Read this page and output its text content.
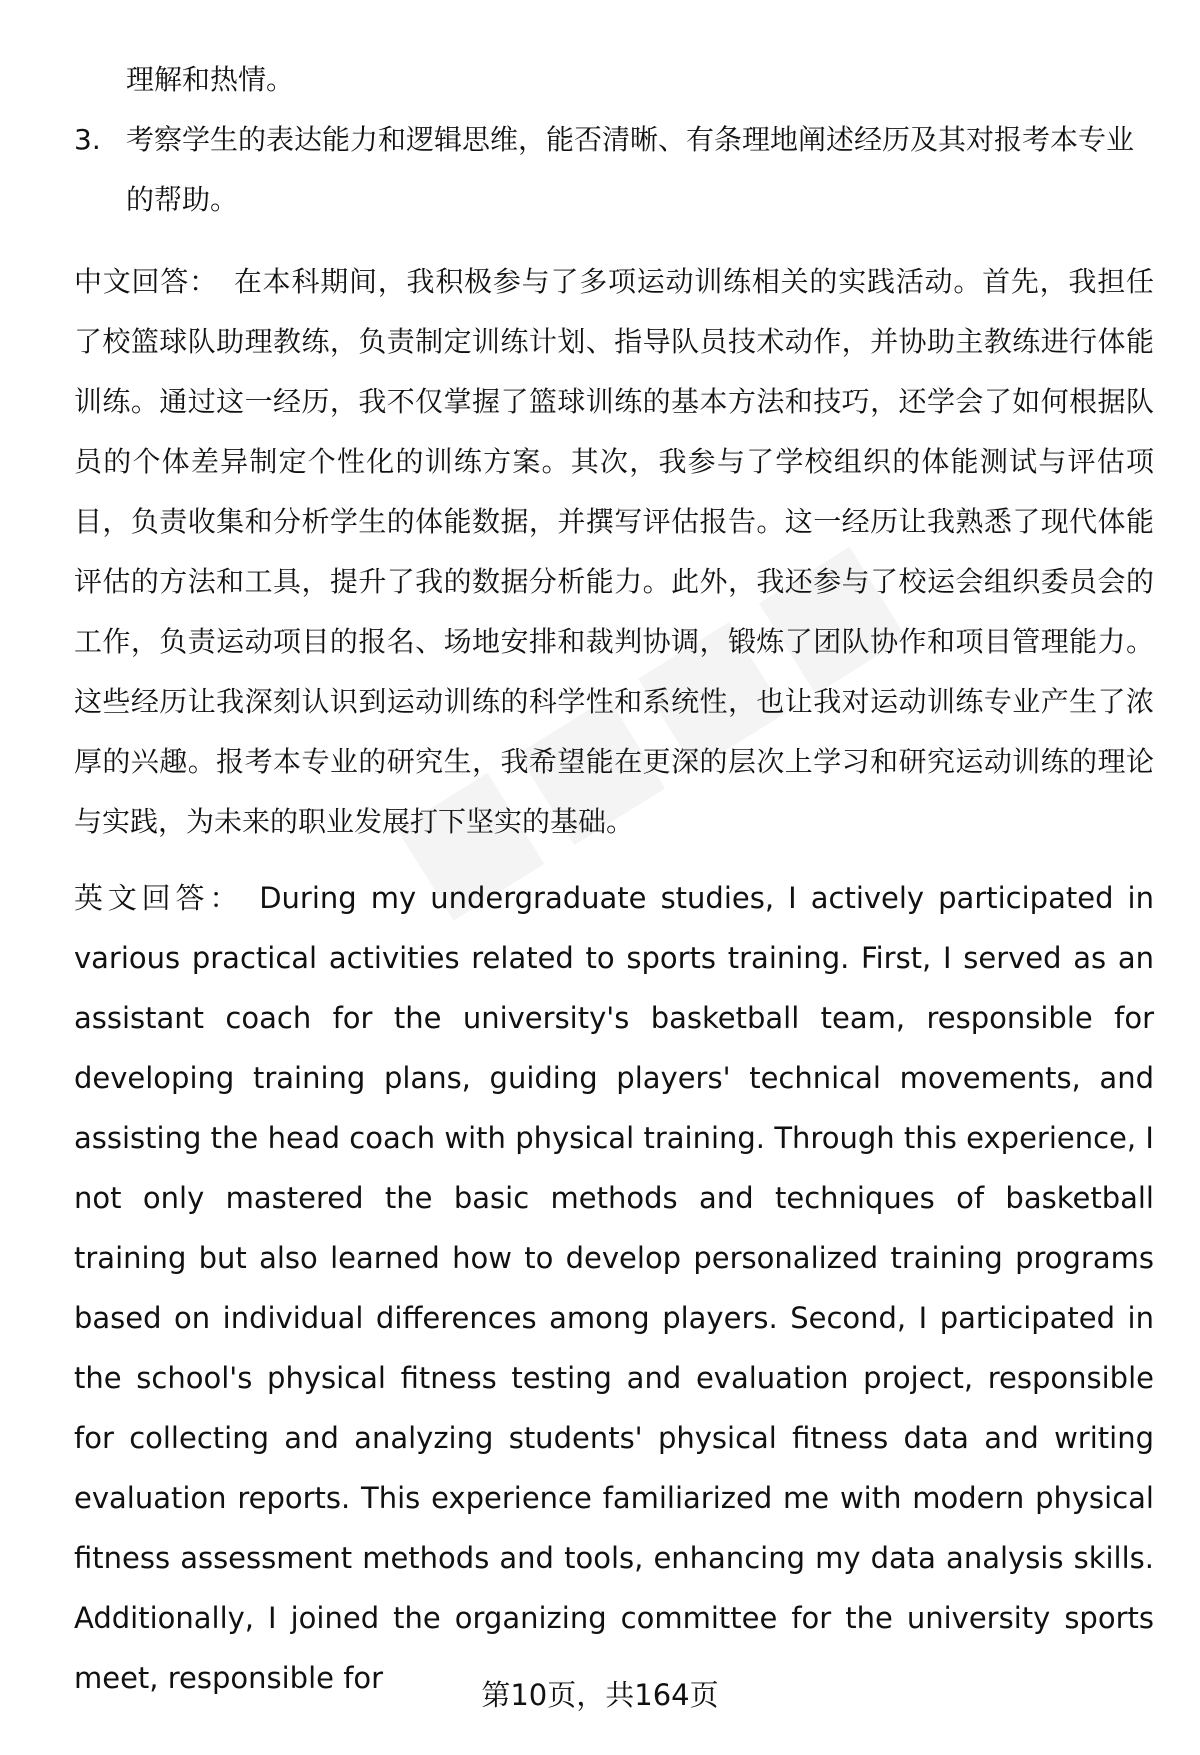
理解和热情。
3. 考察学生的表达能力和逻辑思维，能否清晰、有条理地阐述经历及其对报考本专业的帮助。

中文回答： 在本科期间，我积极参与了多项运动训练相关的实践活动。首先，我担任了校篮球队助理教练，负责制定训练计划、指导队员技术动作，并协助主教练进行体能训练。通过这一经历，我不仅掌握了篮球训练的基本方法和技巧，还学会了如何根据队员的个体差异制定个性化的训练方案。其次，我参与了学校组织的体能测试与评估项目，负责收集和分析学生的体能数据，并撰写评估报告。这一经历让我熟悉了现代体能评估的方法和工具，提升了我的数据分析能力。此外，我还参与了校运会组织委员会的工作，负责运动项目的报名、场地安排和裁判协调，锻炼了团队协作和项目管理能力。这些经历让我深刻认识到运动训练的科学性和系统性，也让我对运动训练专业产生了浓厚的兴趣。报考本专业的研究生，我希望能在更深的层次上学习和研究运动训练的理论与实践，为未来的职业发展打下坚实的基础。

英文回答： During my undergraduate studies, I actively participated in various practical activities related to sports training. First, I served as an assistant coach for the university's basketball team, responsible for developing training plans, guiding players' technical movements, and assisting the head coach with physical training. Through this experience, I not only mastered the basic methods and techniques of basketball training but also learned how to develop personalized training programs based on individual differences among players. Second, I participated in the school's physical fitness testing and evaluation project, responsible for collecting and analyzing students' physical fitness data and writing evaluation reports. This experience familiarized me with modern physical fitness assessment methods and tools, enhancing my data analysis skills. Additionally, I joined the organizing committee for the university sports meet, responsible for	第10页，共164页
